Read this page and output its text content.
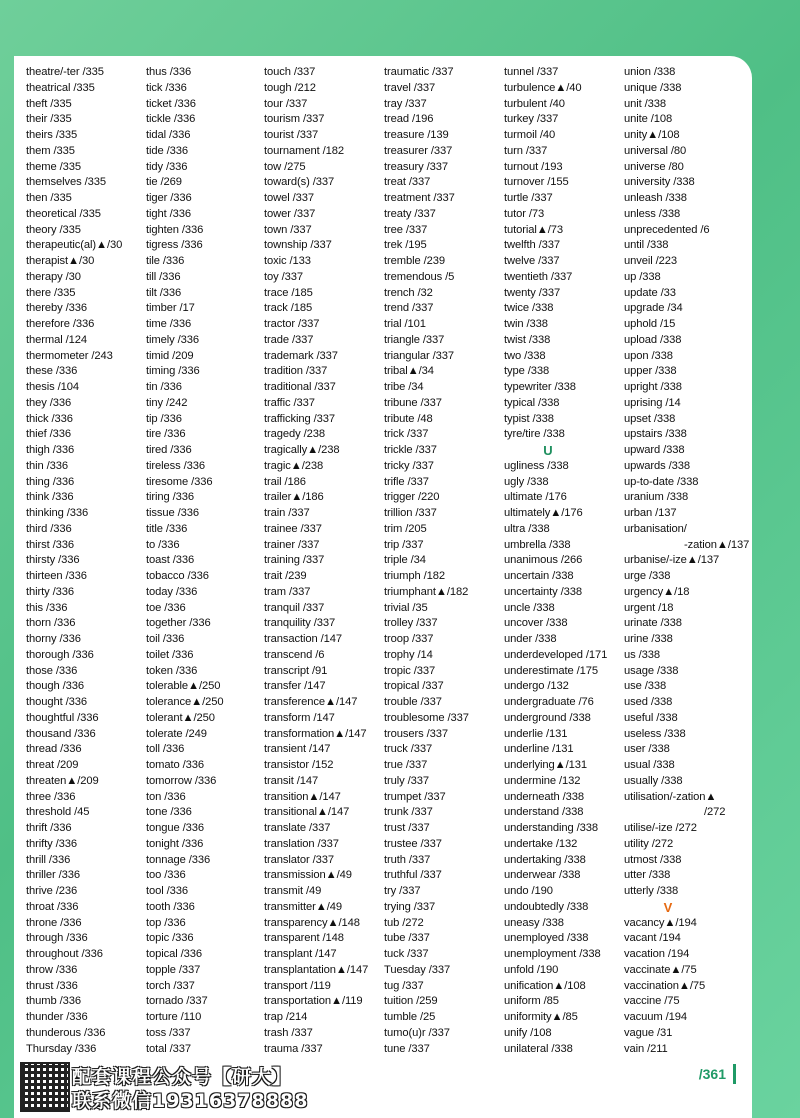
theatre/-ter /335
theatrical /335
theft /335
their /335
theirs /335
them /335
theme /335
themselves /335
then /335
theoretical /335
theory /335
therapeutic(al)▲/30
therapist▲/30
therapy /30
there /335
thereby /336
therefore /336
thermal /124
thermometer /243
these /336
thesis /104
they /336
thick /336
thief /336
thigh /336
thin /336
thing /336
think /336
thinking /336
third /336
thirst /336
thirsty /336
thirteen /336
thirty /336
this /336
thorn /336
thorny /336
thorough /336
those /336
though /336
thought /336
thoughtful /336
thousand /336
thread /336
threat /209
threaten▲/209
three /336
threshold /45
thrift /336
thrifty /336
thrill /336
thriller /336
thrive /236
throat /336
throne /336
through /336
throughout /336
throw /336
thrust /336
thumb /336
thunder /336
thunderous /336
Thursday /336
thus /336
tick /336
ticket /336
tickle /336
tidal /336
tide /336
tidy /336
tie /269
tiger /336
tight /336
tighten /336
tigress /336
tile /336
till /336
tilt /336
timber /17
time /336
timely /336
timid /209
timing /336
tin /336
tiny /242
tip /336
tire /336
tired /336
tireless /336
tiresome /336
tiring /336
tissue /336
title /336
to /336
toast /336
tobacco /336
today /336
toe /336
together /336
toil /336
toilet /336
token /336
tolerable▲/250
tolerance▲/250
tolerant▲/250
tolerate /249
toll /336
tomato /336
tomorrow /336
ton /336
tone /336
tongue /336
tonight /336
tonnage /336
too /336
tool /336
tooth /336
top /336
topic /336
topical /336
topple /337
torch /337
tornado /337
torture /110
toss /337
total /337
touch /337
tough /212
tour /337
tourism /337
tourist /337
tournament /182
tow /275
toward(s) /337
towel /337
tower /337
town /337
township /337
toxic /133
toy /337
trace /185
track /185
tractor /337
trade /337
trademark /337
tradition /337
traditional /337
traffic /337
trafficking /337
tragedy /238
tragically▲/238
tragic▲/238
trail /186
trailer▲/186
train /337
trainee /337
trainer /337
training /337
trait /239
tram /337
tranquil /337
tranquility /337
transaction /147
transcend /6
transcript /91
transfer /147
transference▲/147
transform /147
transformation▲/147
transient /147
transistor /152
transit /147
transition▲/147
transitional▲/147
translate /337
translation /337
translator /337
transmission▲/49
transmit /49
transmitter▲/49
transparency▲/148
transparent /148
transplant /147
transplantation▲/147
transport /119
transportation▲/119
trap /214
trash /337
trauma /337
traumatic /337
travel /337
tray /337
tread /196
treasure /139
treasurer /337
treasury /337
treat /337
treatment /337
treaty /337
tree /337
trek /195
tremble /239
tremendous /5
trench /32
trend /337
trial /101
triangle /337
triangular /337
tribal▲/34
tribe /34
tribune /337
tribute /48
trick /337
trickle /337
tricky /337
trifle /337
trigger /220
trillion /337
trim /205
trip /337
triple /34
triumph /182
triumphant▲/182
trivial /35
trolley /337
troop /337
trophy /14
tropic /337
tropical /337
trouble /337
troublesome /337
trousers /337
truck /337
true /337
truly /337
trumpet /337
trunk /337
trust /337
trustee /337
truth /337
truthful /337
try /337
trying /337
tub /272
tube /337
tuck /337
Tuesday /337
tug /337
tuition /259
tumble /25
tumo(u)r /337
tune /337
tunnel /337
turbulence▲/40
turbulent /40
turkey /337
turmoil /40
turn /337
turnout /193
turnover /155
turtle /337
tutor /73
tutorial▲/73
twelfth /337
twelve /337
twentieth /337
twenty /337
twice /338
twin /338
twist /338
two /338
type /338
typewriter /338
typical /338
typist /338
tyre/tire /338
U
ugliness /338
ugly /338
ultimate /176
ultimately▲/176
ultra /338
umbrella /338
unanimous /266
uncertain /338
uncertainty /338
uncle /338
uncover /338
under /338
underdeveloped /171
underestimate /175
undergo /132
undergraduate /76
underground /338
underlie /131
underline /131
underlying▲/131
undermine /132
underneath /338
understand /338
understanding /338
undertake /132
undertaking /338
underwear /338
undo /190
undoubtedly /338
uneasy /338
unemployed /338
unemployment /338
unfold /190
unification▲/108
uniform /85
uniformity▲/85
unify /108
unilateral /338
union /338
unique /338
unit /338
unite /108
unity▲/108
universal /80
universe /80
university /338
unleash /338
unless /338
unprecedented /6
until /338
unveil /223
up /338
update /33
upgrade /34
uphold /15
upload /338
upon /338
upper /338
upright /338
uprising /14
upset /338
upstairs /338
upward /338
upwards /338
up-to-date /338
uranium /338
urban /137
urbanisation/
-zation▲/137
urbanise/-ize▲/137
urge /338
urgency▲/18
urgent /18
urinate /338
urine /338
us /338
usage /338
use /338
used /338
useful /338
useless /338
user /338
usual /338
usually /338
utilisation/-zation▲
/272
utilise/-ize /272
utility /272
utmost /338
utter /338
utterly /338
V
vacancy▲/194
vacant /194
vacation /194
vaccinate▲/75
vaccination▲/75
vaccine /75
vacuum /194
vague /31
vain /211
/361
配套课程公众号【研大】
联系微信19316378888
